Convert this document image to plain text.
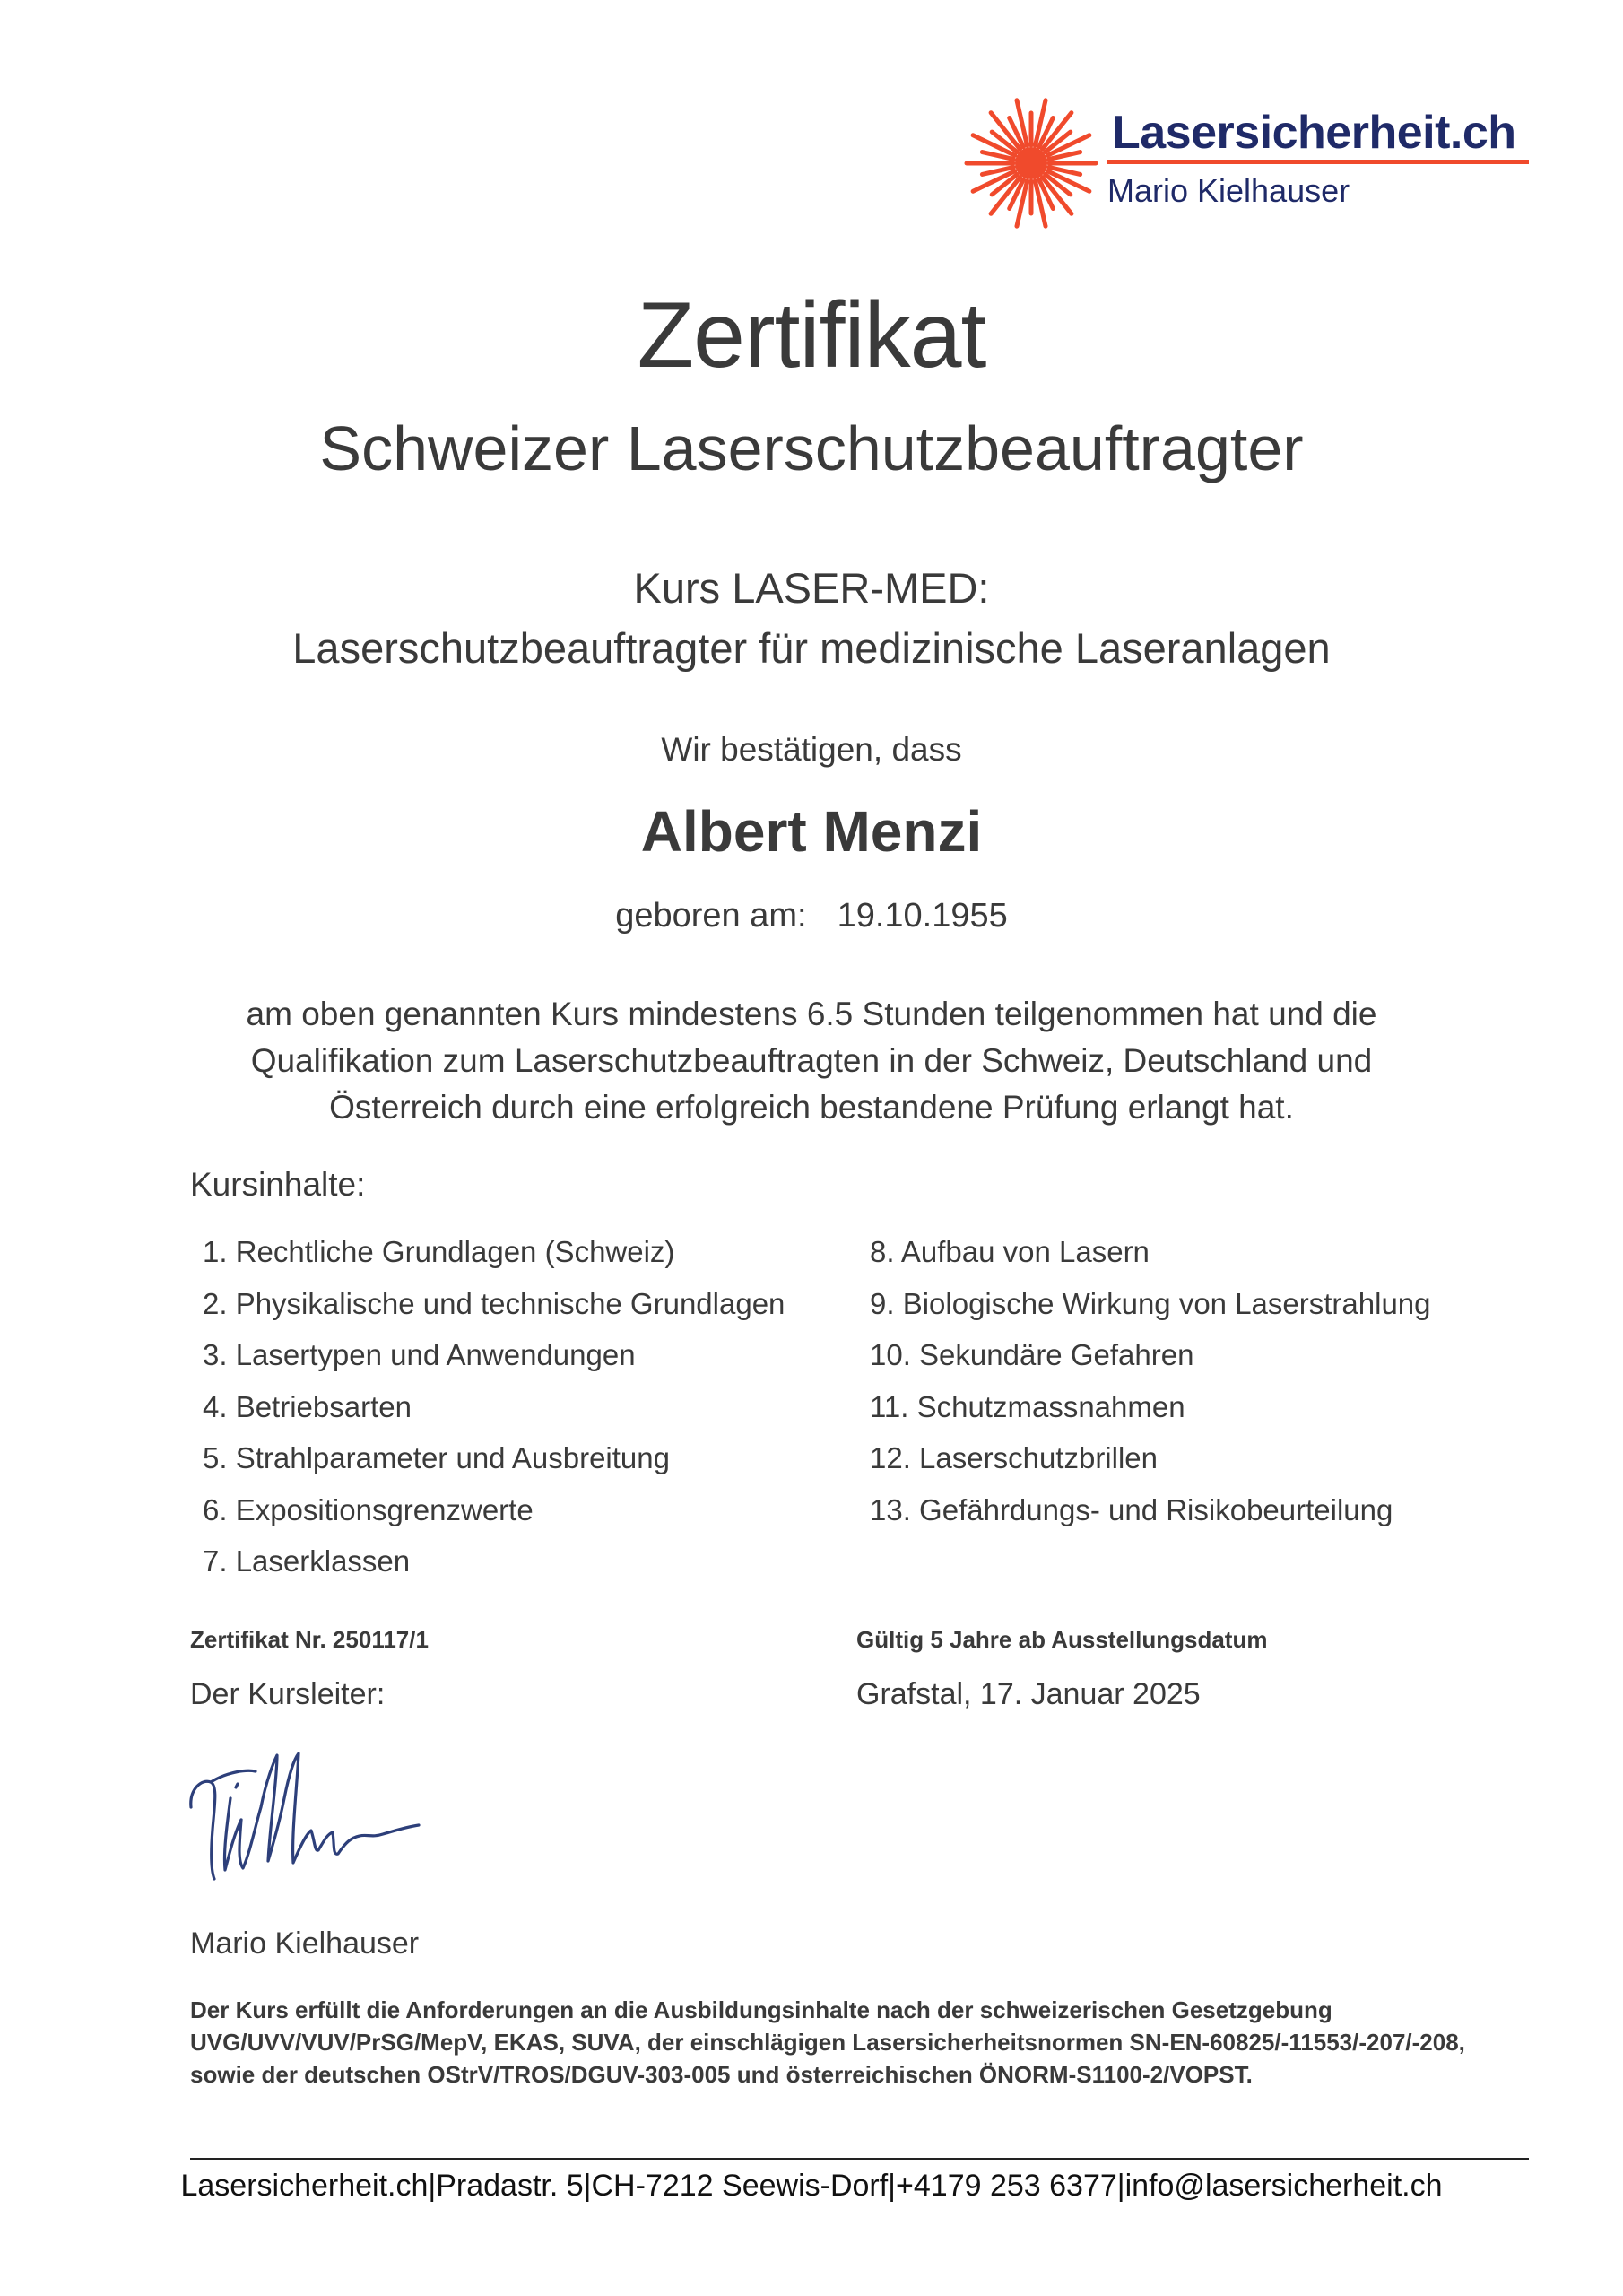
Lasersicherheit.ch
Mario Kielhauser
Zertifikat
Schweizer Laserschutzbeauftragter
Kurs LASER-MED:
Laserschutzbeauftragter für medizinische Laseranlagen
Wir bestätigen, dass
Albert Menzi
geboren am: 19.10.1955
am oben genannten Kurs mindestens 6.5 Stunden teilgenommen hat und die
Qualifikation zum Laserschutzbeauftragten in der Schweiz, Deutschland und
Österreich durch eine erfolgreich bestandene Prüfung erlangt hat.
Kursinhalte:
1. Rechtliche Grundlagen (Schweiz)
2. Physikalische und technische Grundlagen
3. Lasertypen und Anwendungen
4. Betriebsarten
5. Strahlparameter und Ausbreitung
6. Expositionsgrenzwerte
7. Laserklassen
8. Aufbau von Lasern
9. Biologische Wirkung von Laserstrahlung
10. Sekundäre Gefahren
11. Schutzmassnahmen
12. Laserschutzbrillen
13. Gefährdungs- und Risikobeurteilung
Zertifikat Nr. 250117/1	Gültig 5 Jahre ab Ausstellungsdatum
Der Kursleiter:	Grafstal, 17. Januar 2025
Mario Kielhauser
Der Kurs erfüllt die Anforderungen an die Ausbildungsinhalte nach der schweizerischen Gesetzgebung
UVG/UVV/VUV/PrSG/MepV, EKAS, SUVA, der einschlägigen Lasersicherheitsnormen SN-EN-60825/-11553/-207/-208,
sowie der deutschen OStrV/TROS/DGUV-303-005 und österreichischen ÖNORM-S1100-2/VOPST.
Lasersicherheit.ch|Pradastr. 5|CH-7212 Seewis-Dorf|+4179 253 6377|info@lasersicherheit.ch
